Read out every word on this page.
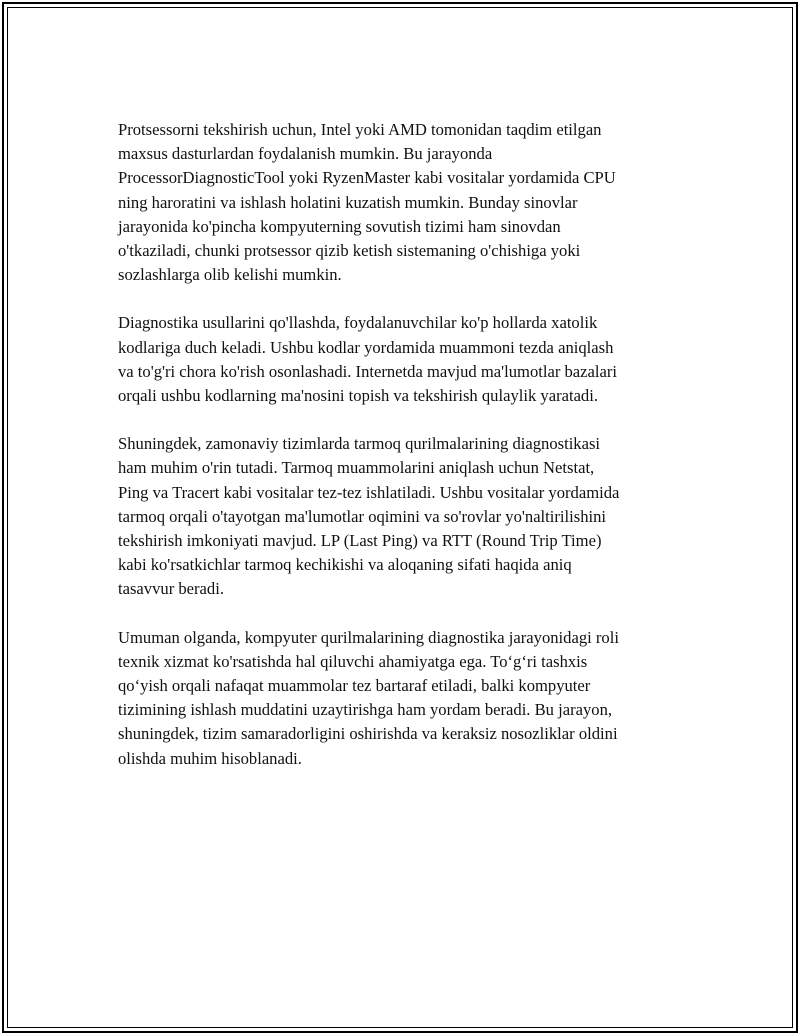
Protsessorni tekshirish uchun, Intel yoki AMD tomonidan taqdim etilgan
maxsus dasturlardan foydalanish mumkin. Bu jarayonda
ProcessorDiagnosticTool yoki RyzenMaster kabi vositalar yordamida CPU
ning haroratini va ishlash holatini kuzatish mumkin. Bunday sinovlar
jarayonida ko'pincha kompyuterning sovutish tizimi ham sinovdan
o'tkaziladi, chunki protsessor qizib ketish sistemaning o'chishiga yoki
sozlashlarga olib kelishi mumkin.

Diagnostika usullarini qo'llashda, foydalanuvchilar ko'p hollarda xatolik
kodlariga duch keladi. Ushbu kodlar yordamida muammoni tezda aniqlash
va to'g'ri chora ko'rish osonlashadi. Internetda mavjud ma'lumotlar bazalari
orqali ushbu kodlarning ma'nosini topish va tekshirish qulaylik yaratadi.

Shuningdek, zamonaviy tizimlarda tarmoq qurilmalarining diagnostikasi
ham muhim o'rin tutadi. Tarmoq muammolarini aniqlash uchun Netstat,
Ping va Tracert kabi vositalar tez-tez ishlatiladi. Ushbu vositalar yordamida
tarmoq orqali o'tayotgan ma'lumotlar oqimini va so'rovlar yo'naltirilishini
tekshirish imkoniyati mavjud. LP (Last Ping) va RTT (Round Trip Time)
kabi ko'rsatkichlar tarmoq kechikishi va aloqaning sifati haqida aniq
tasavvur beradi.

Umuman olganda, kompyuter qurilmalarining diagnostika jarayonidagi roli
texnik xizmat ko'rsatishda hal qiluvchi ahamiyatga ega. To‘g‘ri tashxis
qo‘yish orqali nafaqat muammolar tez bartaraf etiladi, balki kompyuter
tizimining ishlash muddatini uzaytirishga ham yordam beradi. Bu jarayon,
shuningdek, tizim samaradorligini oshirishda va keraksiz nosozliklar oldini
olishda muhim hisoblanadi.
